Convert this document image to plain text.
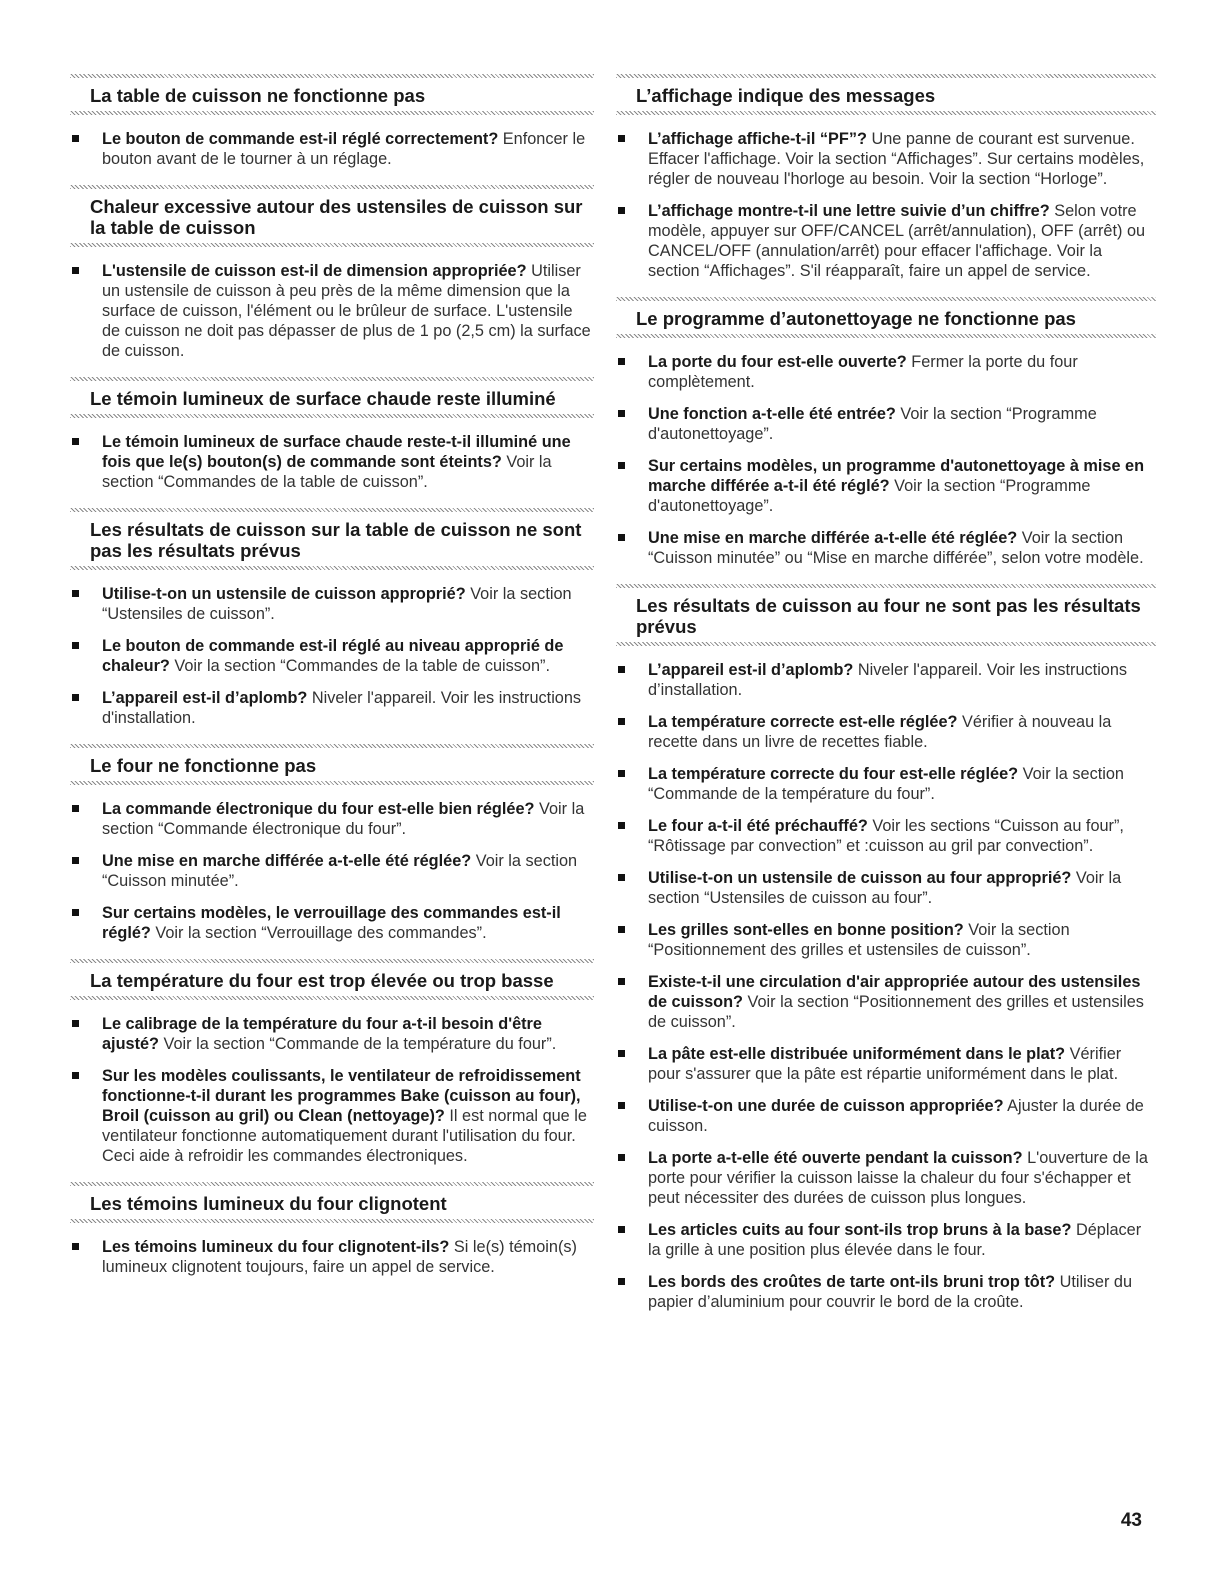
La table de cuisson ne fonctionne pas
Le bouton de commande est-il réglé correctement? Enfoncer le bouton avant de le tourner à un réglage.
Chaleur excessive autour des ustensiles de cuisson sur la table de cuisson
L'ustensile de cuisson est-il de dimension appropriée? Utiliser un ustensile de cuisson à peu près de la même dimension que la surface de cuisson, l'élément ou le brûleur de surface. L'ustensile de cuisson ne doit pas dépasser de plus de 1 po (2,5 cm) la surface de cuisson.
Le témoin lumineux de surface chaude reste illuminé
Le témoin lumineux de surface chaude reste-t-il illuminé une fois que le(s) bouton(s) de commande sont éteints? Voir la section “Commandes de la table de cuisson”.
Les résultats de cuisson sur la table de cuisson ne sont pas les résultats prévus
Utilise-t-on un ustensile de cuisson approprié? Voir la section “Ustensiles de cuisson”.
Le bouton de commande est-il réglé au niveau approprié de chaleur? Voir la section “Commandes de la table de cuisson”.
L’appareil est-il d’aplomb? Niveler l'appareil. Voir les instructions d'installation.
Le four ne fonctionne pas
La commande électronique du four est-elle bien réglée? Voir la section “Commande électronique du four”.
Une mise en marche différée a-t-elle été réglée? Voir la section “Cuisson minutée”.
Sur certains modèles, le verrouillage des commandes est-il réglé? Voir la section “Verrouillage des commandes”.
La température du four est trop élevée ou trop basse
Le calibrage de la température du four a-t-il besoin d'être ajusté? Voir la section “Commande de la température du four”.
Sur les modèles coulissants, le ventilateur de refroidissement fonctionne-t-il durant les programmes Bake (cuisson au four), Broil (cuisson au gril) ou Clean (nettoyage)? Il est normal que le ventilateur fonctionne automatiquement durant l'utilisation du four. Ceci aide à refroidir les commandes électroniques.
Les témoins lumineux du four clignotent
Les témoins lumineux du four clignotent-ils? Si le(s) témoin(s) lumineux clignotent toujours, faire un appel de service.
L’affichage indique des messages
L’affichage affiche-t-il “PF”? Une panne de courant est survenue. Effacer l'affichage. Voir la section “Affichages”. Sur certains modèles, régler de nouveau l'horloge au besoin. Voir la section “Horloge”.
L’affichage montre-t-il une lettre suivie d’un chiffre? Selon votre modèle, appuyer sur OFF/CANCEL (arrêt/annulation), OFF (arrêt) ou CANCEL/OFF (annulation/arrêt) pour effacer l'affichage. Voir la section “Affichages”. S'il réapparaît, faire un appel de service.
Le programme d’autonettoyage ne fonctionne pas
La porte du four est-elle ouverte? Fermer la porte du four complètement.
Une fonction a-t-elle été entrée? Voir la section “Programme d'autonettoyage”.
Sur certains modèles, un programme d'autonettoyage à mise en marche différée a-t-il été réglé? Voir la section “Programme d'autonettoyage”.
Une mise en marche différée a-t-elle été réglée? Voir la section “Cuisson minutée” ou “Mise en marche différée”, selon votre modèle.
Les résultats de cuisson au four ne sont pas les résultats prévus
L’appareil est-il d’aplomb? Niveler l'appareil. Voir les instructions d’installation.
La température correcte est-elle réglée? Vérifier à nouveau la recette dans un livre de recettes fiable.
La température correcte du four est-elle réglée? Voir la section “Commande de la température du four”.
Le four a-t-il été préchauffé? Voir les sections “Cuisson au four”, “Rôtissage par convection” et :cuisson au gril par convection”.
Utilise-t-on un ustensile de cuisson au four approprié? Voir la section “Ustensiles de cuisson au four”.
Les grilles sont-elles en bonne position? Voir la section “Positionnement des grilles et ustensiles de cuisson”.
Existe-t-il une circulation d'air appropriée autour des ustensiles de cuisson? Voir la section “Positionnement des grilles et ustensiles de cuisson”.
La pâte est-elle distribuée uniformément dans le plat? Vérifier pour s'assurer que la pâte est répartie uniformément dans le plat.
Utilise-t-on une durée de cuisson appropriée? Ajuster la durée de cuisson.
La porte a-t-elle été ouverte pendant la cuisson? L'ouverture de la porte pour vérifier la cuisson laisse la chaleur du four s'échapper et peut nécessiter des durées de cuisson plus longues.
Les articles cuits au four sont-ils trop bruns à la base? Déplacer la grille à une position plus élevée dans le four.
Les bords des croûtes de tarte ont-ils bruni trop tôt? Utiliser du papier d’aluminium pour couvrir le bord de la croûte.
43
